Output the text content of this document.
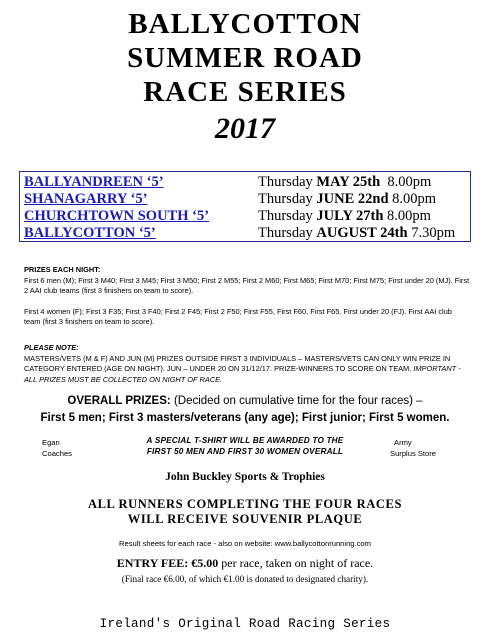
BALLYCOTTON
SUMMER ROAD
RACE SERIES
2017
BALLYANDREEN ‘5’	Thursday MAY 25th 8.00pm
SHANAGARRY ‘5’	Thursday JUNE 22nd 8.00pm
CHURCHTOWN SOUTH ‘5’	Thursday JULY 27th 8.00pm
BALLYCOTTON ‘5’	Thursday AUGUST 24th 7.30pm
PRIZES EACH NIGHT:
First 6 men (M); First 3 M40; First 3 M45; First 3 M50; First 2 M55; First 2 M60; First M65; First M70; First M75; First under 20 (MJ). First 2 AAI club teams (first 3 finishers on team to score).
First 4 women (F); First 3 F35; First 3 F40; First 2 F45; First 2 F50; First F55, First F60, First F65. First under 20 (FJ). First AAI club team (first 3 finishers on team to score).
PLEASE NOTE:
MASTERS/VETS (M & F) AND JUN (M) PRIZES OUTSIDE FIRST 3 INDIVIDUALS – MASTERS/VETS CAN ONLY WIN PRIZE IN CATEGORY ENTERED (AGE ON NIGHT). JUN – UNDER 20 ON 31/12/17. PRIZE-WINNERS TO SCORE ON TEAM. IMPORTANT - ALL PRIZES MUST BE COLLECTED ON NIGHT OF RACE.
OVERALL PRIZES: (Decided on cumulative time for the four races) –
First 5 men; First 3 masters/veterans (any age); First junior; First 5 women.
Egan
Coaches
Army
Surplus Store
A SPECIAL T-SHIRT WILL BE AWARDED TO THE
FIRST 50 MEN AND FIRST 30 WOMEN OVERALL
John Buckley Sports & Trophies
ALL RUNNERS COMPLETING THE FOUR RACES
WILL RECEIVE SOUVENIR PLAQUE
Result sheets for each race - also on website: www.ballycottonrunning.com
ENTRY FEE: €5.00 per race, taken on night of race.
(Final race €6.00, of which €1.00 is donated to designated charity).
Ireland's Original Road Racing Series
